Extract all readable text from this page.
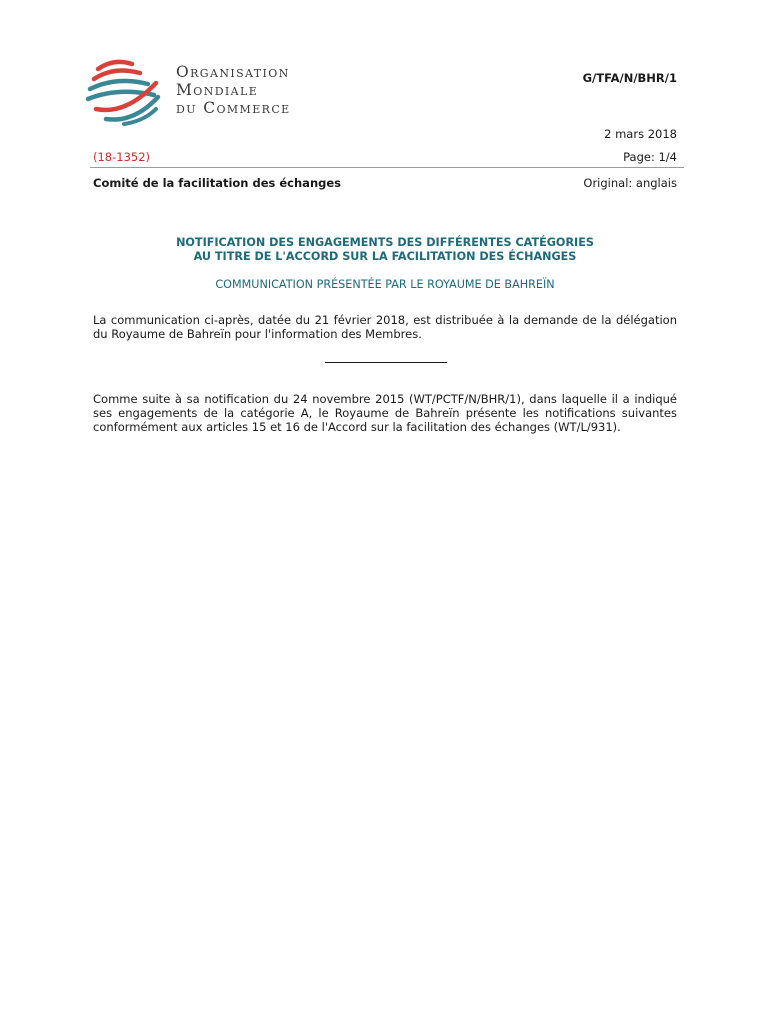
Organisation
Mondiale
du Commerce
G/TFA/N/BHR/1
2 mars 2018
(18-1352)	Page: 1/4
Comité de la facilitation des échanges	Original: anglais
NOTIFICATION DES ENGAGEMENTS DES DIFFÉRENTES CATÉGORIES
AU TITRE DE L'ACCORD SUR LA FACILITATION DES ÉCHANGES
COMMUNICATION PRÉSENTÉE PAR LE ROYAUME DE BAHREÏN

La communication ci-après, datée du 21 février 2018, est distribuée à la demande de la délégation du Royaume de Bahreïn pour l'information des Membres.

Comme suite à sa notification du 24 novembre 2015 (WT/PCTF/N/BHR/1), dans laquelle il a indiqué ses engagements de la catégorie A, le Royaume de Bahreïn présente les notifications suivantes conformément aux articles 15 et 16 de l'Accord sur la facilitation des échanges (WT/L/931).
